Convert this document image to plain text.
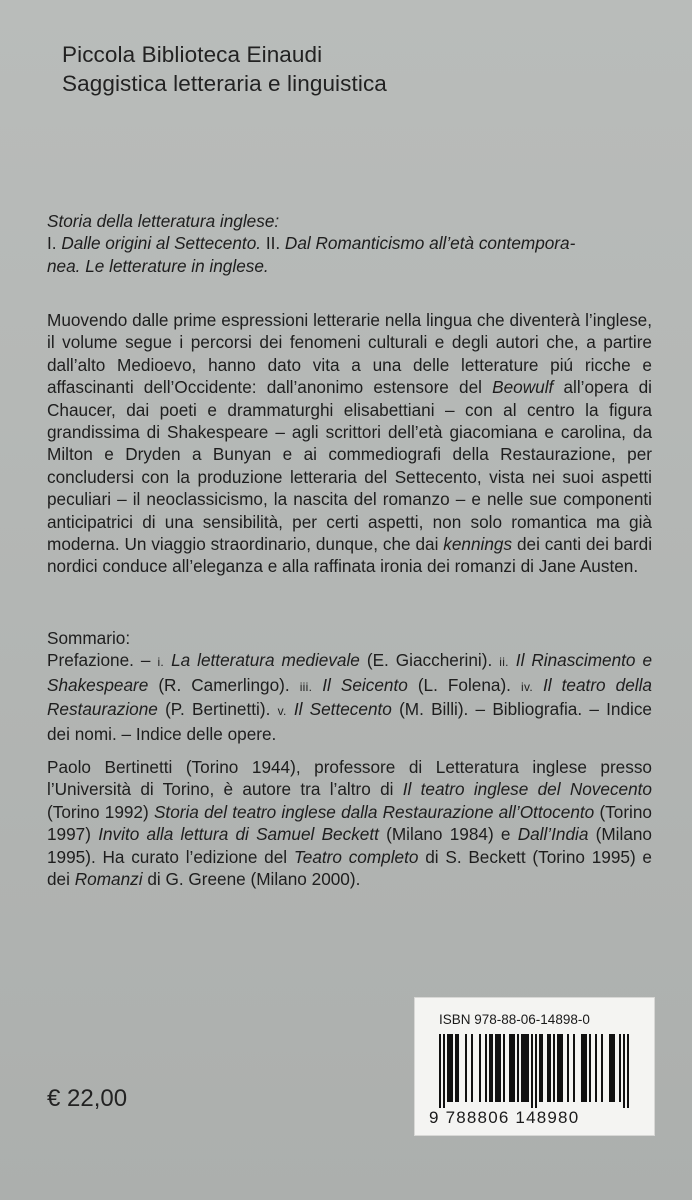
Piccola Biblioteca Einaudi
Saggistica letteraria e linguistica

Storia della letteratura inglese:

I. Dalle origini al Settecento. II. Dal Romanticismo all’età contempora-
nea. Le letterature in inglese.

Muovendo dalle prime espressioni letterarie nella lingua che diventerà l’inglese, il volume segue i percorsi dei fenomeni culturali e degli autori che, a partire dall’alto Medioevo, hanno dato vita a una delle letterature piú ricche e affascinanti dell’Occidente: dall’anonimo estensore del Beowulf all’opera di Chaucer, dai poeti e drammaturghi elisabettiani – con al centro la figura grandissima di Shakespeare – agli scrittori dell’età giacomiana e carolina, da Milton e Dryden a Bunyan e ai commediografi della Restaurazione, per concludersi con la produzione letteraria del Settecento, vista nei suoi aspetti peculiari – il neoclassicismo, la nascita del romanzo – e nelle sue componenti anticipatrici di una sensibilità, per certi aspetti, non solo romantica ma già moderna. Un viaggio straordinario, dunque, che dai kennings dei canti dei bardi nordici conduce all’eleganza e alla raffinata ironia dei romanzi di Jane Austen.

Sommario:

Prefazione. – i. La letteratura medievale (E. Giaccherini). ii. Il Rinascimento e Shakespeare (R. Camerlingo). iii. Il Seicento (L. Folena). iv. Il teatro della Restaurazione (P. Bertinetti). v. Il Settecento (M. Billi). – Bibliografia. – Indice dei nomi. – Indice delle opere.

Paolo Bertinetti (Torino 1944), professore di Letteratura inglese presso l’Università di Torino, è autore tra l’altro di Il teatro inglese del Novecento (Torino 1992) Storia del teatro inglese dalla Restaurazione all’Ottocento (Torino 1997) Invito alla lettura di Samuel Beckett (Milano 1984) e Dall’India (Milano 1995). Ha curato l’edizione del Teatro completo di S. Beckett (Torino 1995) e dei Romanzi di G. Greene (Milano 2000).

ISBN 978-88-06-14898-0
9 788806 148980
€ 22,00
